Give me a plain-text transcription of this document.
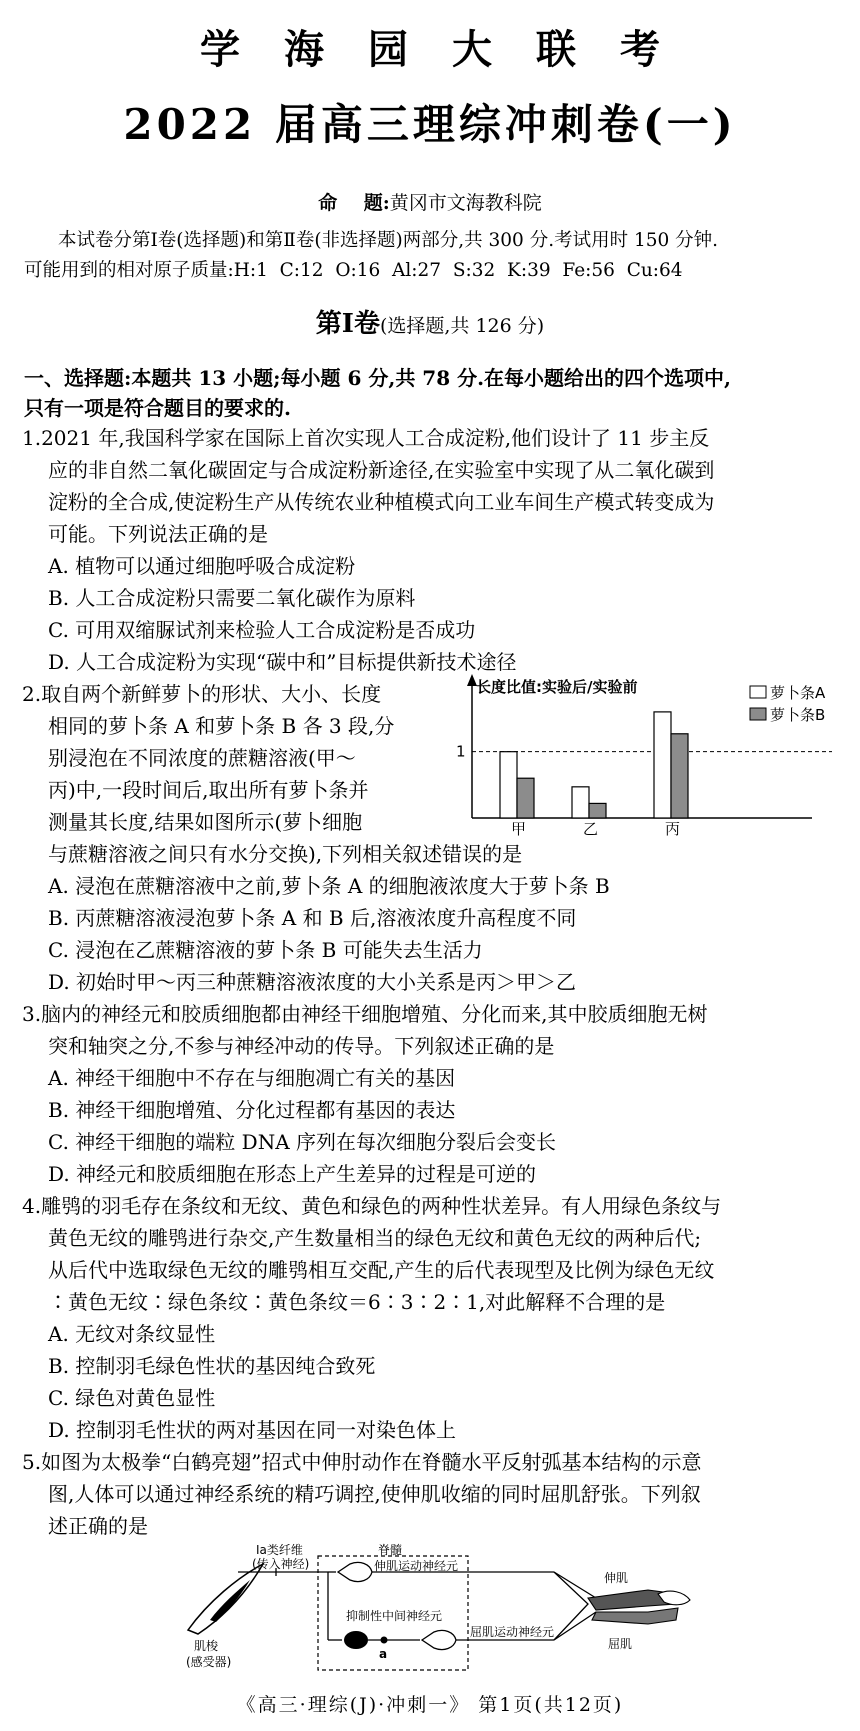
学海园大联考
2022 届高三理综冲刺卷(一)
命    题:黄冈市文海教科院
本试卷分第Ⅰ卷(选择题)和第Ⅱ卷(非选择题)两部分,共 300 分.考试用时 150 分钟.
可能用到的相对原子质量:H:1  C:12  O:16  Al:27  S:32  K:39  Fe:56  Cu:64
第Ⅰ卷(选择题,共 126 分)
一、选择题:本题共 13 小题;每小题 6 分,共 78 分.在每小题给出的四个选项中,
只有一项是符合题目的要求的.
1.2021 年,我国科学家在国际上首次实现人工合成淀粉,他们设计了 11 步主反
应的非自然二氧化碳固定与合成淀粉新途径,在实验室中实现了从二氧化碳到
淀粉的全合成,使淀粉生产从传统农业种植模式向工业车间生产模式转变成为
可能。下列说法正确的是
A. 植物可以通过细胞呼吸合成淀粉
B. 人工合成淀粉只需要二氧化碳作为原料
C. 可用双缩脲试剂来检验人工合成淀粉是否成功
D. 人工合成淀粉为实现“碳中和”目标提供新技术途径
2.取自两个新鲜萝卜的形状、大小、长度
相同的萝卜条 A 和萝卜条 B 各 3 段,分
别浸泡在不同浓度的蔗糖溶液(甲～
丙)中,一段时间后,取出所有萝卜条并
测量其长度,结果如图所示(萝卜细胞
与蔗糖溶液之间只有水分交换),下列相关叙述错误的是
长度比值:实验后/实验前
1
甲	乙	丙
萝卜条A
萝卜条B
A. 浸泡在蔗糖溶液中之前,萝卜条 A 的细胞液浓度大于萝卜条 B
B. 丙蔗糖溶液浸泡萝卜条 A 和 B 后,溶液浓度升高程度不同
C. 浸泡在乙蔗糖溶液的萝卜条 B 可能失去生活力
D. 初始时甲～丙三种蔗糖溶液浓度的大小关系是丙＞甲＞乙
3.脑内的神经元和胶质细胞都由神经干细胞增殖、分化而来,其中胶质细胞无树
突和轴突之分,不参与神经冲动的传导。下列叙述正确的是
A. 神经干细胞中不存在与细胞凋亡有关的基因
B. 神经干细胞增殖、分化过程都有基因的表达
C. 神经干细胞的端粒 DNA 序列在每次细胞分裂后会变长
D. 神经元和胶质细胞在形态上产生差异的过程是可逆的
4.雕鸮的羽毛存在条纹和无纹、黄色和绿色的两种性状差异。有人用绿色条纹与
黄色无纹的雕鸮进行杂交,产生数量相当的绿色无纹和黄色无纹的两种后代;
从后代中选取绿色无纹的雕鸮相互交配,产生的后代表现型及比例为绿色无纹
∶黄色无纹∶绿色条纹∶黄色条纹＝6∶3∶2∶1,对此解释不合理的是
A. 无纹对条纹显性
B. 控制羽毛绿色性状的基因纯合致死
C. 绿色对黄色显性
D. 控制羽毛性状的两对基因在同一对染色体上
5.如图为太极拳“白鹤亮翅”招式中伸肘动作在脊髓水平反射弧基本结构的示意
图,人体可以通过神经系统的精巧调控,使伸肌收缩的同时屈肌舒张。下列叙
述正确的是
肌梭
(感受器)
Ia类纤维
(传入神经)
脊髓
伸肌运动神经元
a
抑制性中间神经元
屈肌运动神经元
伸肌
屈肌
《高三·理综(J)·冲刺一》 第1页(共12页)
